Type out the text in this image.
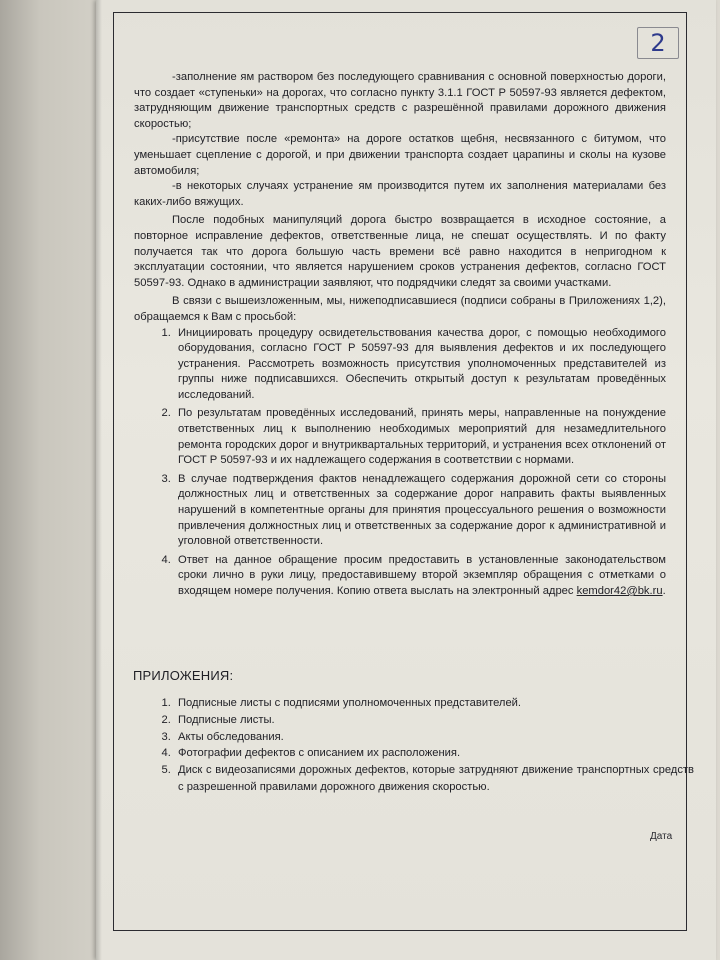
2

-заполнение ям раствором без последующего сравнивания с основной поверхностью дороги, что создает «ступеньки» на дорогах, что согласно пункту 3.1.1 ГОСТ Р 50597-93 является дефектом, затрудняющим движение транспортных средств с разрешённой правилами дорожного движения скоростью;

-присутствие после «ремонта» на дороге остатков щебня, несвязанного с битумом, что уменьшает сцепление с дорогой, и при движении транспорта создает царапины и сколы на кузове автомобиля;

-в некоторых случаях устранение ям производится путем их заполнения материалами без каких-либо вяжущих.

После подобных манипуляций дорога быстро возвращается в исходное состояние, а повторное исправление дефектов, ответственные лица, не спешат осуществлять. И по факту получается так что дорога большую часть времени всё равно находится в непригодном к эксплуатации состоянии, что является нарушением сроков устранения дефектов, согласно ГОСТ 50597-93. Однако в администрации заявляют, что подрядчики следят за своими участками.

В связи с вышеизложенным, мы, нижеподписавшиеся (подписи собраны в Приложениях 1,2), обращаемся к Вам с просьбой:

1. Инициировать процедуру освидетельствования качества дорог, с помощью необходимого оборудования, согласно ГОСТ Р 50597-93 для выявления дефектов и их последующего устранения. Рассмотреть возможность присутствия уполномоченных представителей из группы ниже подписавшихся. Обеспечить открытый доступ к результатам проведённых исследований.
2. По результатам проведённых исследований, принять меры, направленные на понуждение ответственных лиц к выполнению необходимых мероприятий для незамедлительного ремонта городских дорог и внутриквартальных территорий, и устранения всех отклонений от ГОСТ Р 50597-93 и их надлежащего содержания в соответствии с нормами.
3. В случае подтверждения фактов ненадлежащего содержания дорожной сети со стороны должностных лиц и ответственных за содержание дорог направить факты выявленных нарушений в компетентные органы для принятия процессуального решения о возможности привлечения должностных лиц и ответственных за содержание дорог к административной и уголовной ответственности.
4. Ответ на данное обращение просим предоставить в установленные законодательством сроки лично в руки лицу, предоставившему второй экземпляр обращения с отметками о входящем номере получения. Копию ответа выслать на электронный адрес kemdor42@bk.ru.
ПРИЛОЖЕНИЯ:
1. Подписные листы с подписями уполномоченных представителей.
2. Подписные листы.
3. Акты обследования.
4. Фотографии дефектов с описанием их расположения.
5. Диск с видеозаписями дорожных дефектов, которые затрудняют движение транспортных средств с разрешенной правилами дорожного движения скоростью.
Дата
